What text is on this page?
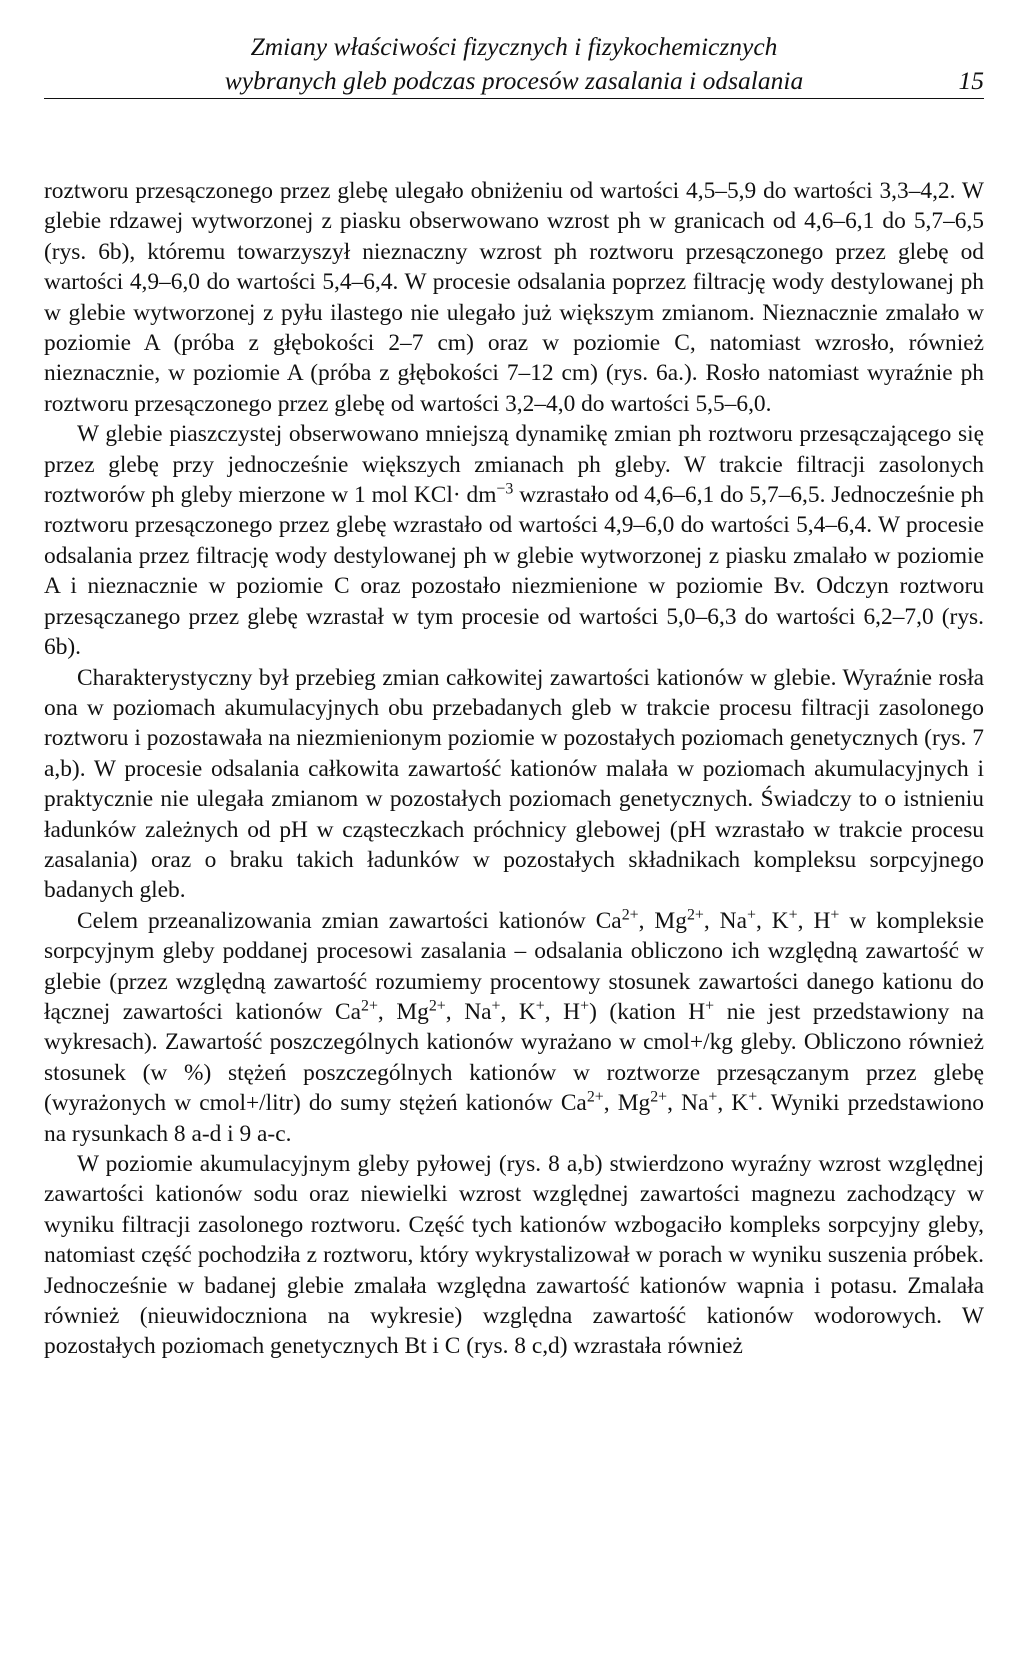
Zmiany właściwości fizycznych i fizykochemicznych
wybranych gleb podczas procesów zasalania i odsalania	15

roztworu przesączonego przez glebę ulegało obniżeniu od wartości 4,5–5,9 do wartości 3,3–4,2. W glebie rdzawej wytworzonej z piasku obserwowano wzrost ph w granicach od 4,6–6,1 do 5,7–6,5 (rys. 6b), któremu towarzyszył nieznaczny wzrost ph roztworu przesączonego przez glebę od wartości 4,9–6,0 do wartości 5,4–6,4. W procesie odsalania poprzez filtrację wody destylowanej ph w glebie wytworzonej z pyłu ilastego nie ulegało już większym zmianom. Nieznacznie zmalało w poziomie A (próba z głębokości 2–7 cm) oraz w poziomie C, natomiast wzrosło, również nieznacznie, w poziomie A (próba z głębokości 7–12 cm) (rys. 6a.). Rosło natomiast wyraźnie ph roztworu przesączonego przez glebę od wartości 3,2–4,0 do wartości 5,5–6,0.

W glebie piaszczystej obserwowano mniejszą dynamikę zmian ph roztworu przesączającego się przez glebę przy jednocześnie większych zmianach ph gleby. W trakcie filtracji zasolonych roztworów ph gleby mierzone w 1 mol $KCl\cdot dm^{-3}$ wzrastało od 4,6–6,1 do 5,7–6,5. Jednocześnie ph roztworu przesączonego przez glebę wzrastało od wartości 4,9–6,0 do wartości 5,4–6,4. W procesie odsalania przez filtrację wody destylowanej ph w glebie wytworzonej z piasku zmalało w poziomie A i nieznacznie w poziomie C oraz pozostało niezmienione w poziomie Bv. Odczyn roztworu przesączanego przez glebę wzrastał w tym procesie od wartości 5,0–6,3 do wartości 6,2–7,0 (rys. 6b).

Charakterystyczny był przebieg zmian całkowitej zawartości kationów w glebie. Wyraźnie rosła ona w poziomach akumulacyjnych obu przebadanych gleb w trakcie procesu filtracji zasolonego roztworu i pozostawała na niezmienionym poziomie w pozostałych poziomach genetycznych (rys. 7 a,b). W procesie odsalania całkowita zawartość kationów malała w poziomach akumulacyjnych i praktycznie nie ulegała zmianom w pozostałych poziomach genetycznych. Świadczy to o istnieniu ładunków zależnych od pH w cząsteczkach próchnicy glebowej (pH wzrastało w trakcie procesu zasalania) oraz o braku takich ładunków w pozostałych składnikach kompleksu sorpcyjnego badanych gleb.

Celem przeanalizowania zmian zawartości kationów $Ca^{2+}$, $Mg^{2+}$, Na+, K+, H+ w kompleksie sorpcyjnym gleby poddanej procesowi zasalania – odsalania obliczono ich względną zawartość w glebie (przez względną zawartość rozumiemy procentowy stosunek zawartości danego kationu do łącznej zawartości kationów $Ca^{2+}$, $Mg^{2+}$, Na+, K+, H+) (kation H+ nie jest przedstawiony na wykresach). Zawartość poszczególnych kationów wyrażano w cmol+/kg gleby. Obliczono również stosunek (w %) stężeń poszczególnych kationów w roztworze przesączanym przez glebę (wyrażonych w cmol+/litr) do sumy stężeń kationów $Ca^{2+}$, $Mg^{2+}$, Na+, K+. Wyniki przedstawiono na rysunkach 8 a-d i 9 a-c.

W poziomie akumulacyjnym gleby pyłowej (rys. 8 a,b) stwierdzono wyraźny wzrost względnej zawartości kationów sodu oraz niewielki wzrost względnej zawartości magnezu zachodzący w wyniku filtracji zasolonego roztworu. Część tych kationów wzbogaciło kompleks sorpcyjny gleby, natomiast część pochodziła z roztworu, który wykrystalizował w porach w wyniku suszenia próbek. Jednocześnie w badanej glebie zmalała względna zawartość kationów wapnia i potasu. Zmalała również (nieuwidoczniona na wykresie) względna zawartość kationów wodorowych. W pozostałych poziomach genetycznych Bt i C (rys. 8 c,d) wzrastała również
